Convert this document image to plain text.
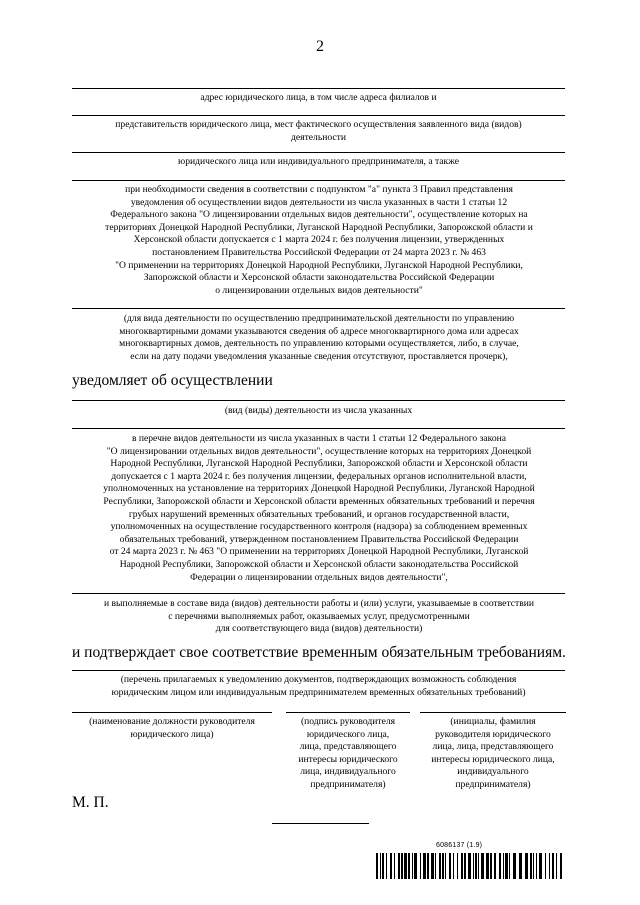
2
адрес юридического лица, в том числе адреса филиалов и
представительств юридического лица, мест фактического осуществления заявленного вида (видов)
деятельности
юридического лица или индивидуального предпринимателя, а также
при необходимости сведения в соответствии с подпунктом "а" пункта 3 Правил представления
уведомления об осуществлении видов деятельности из числа указанных в части 1 статьи 12
Федерального закона "О лицензировании отдельных видов деятельности", осуществление которых на
территориях Донецкой Народной Республики, Луганской Народной Республики, Запорожской области и
Херсонской области допускается с 1 марта 2024 г. без получения лицензии, утвержденных
постановлением Правительства Российской Федерации от 24 марта 2023 г. № 463
"О применении на территориях Донецкой Народной Республики, Луганской Народной Республики,
Запорожской области и Херсонской области законодательства Российской Федерации
о лицензировании отдельных видов деятельности"
(для вида деятельности по осуществлению предпринимательской деятельности по управлению
многоквартирными домами указываются сведения об адресе многоквартирного дома или адресах
многоквартирных домов, деятельность по управлению которыми осуществляется, либо, в случае,
если на дату подачи уведомления указанные сведения отсутствуют, проставляется прочерк),
уведомляет об осуществлении
(вид (виды) деятельности из числа указанных
в перечне видов деятельности из числа указанных в части 1 статьи 12 Федерального закона
"О лицензировании отдельных видов деятельности", осуществление которых на территориях Донецкой
Народной Республики, Луганской Народной Республики, Запорожской области и Херсонской области
допускается с 1 марта 2024 г. без получения лицензии, федеральных органов исполнительной власти,
уполномоченных на установление на территориях Донецкой Народной Республики, Луганской Народной
Республики, Запорожской области и Херсонской области временных обязательных требований и перечня
грубых нарушений временных обязательных требований, и органов государственной власти,
уполномоченных на осуществление государственного контроля (надзора) за соблюдением временных
обязательных требований, утвержденном постановлением Правительства Российской Федерации
от 24 марта 2023 г. № 463 "О применении на территориях Донецкой Народной Республики, Луганской
Народной Республики, Запорожской области и Херсонской области законодательства Российской
Федерации о лицензировании отдельных видов деятельности",
и выполняемые в составе вида (видов) деятельности работы и (или) услуги, указываемые в соответствии
с перечнями выполняемых работ, оказываемых услуг, предусмотренными
для соответствующего вида (видов) деятельности)
и подтверждает свое соответствие временным обязательным требованиям.
(перечень прилагаемых к уведомлению документов, подтверждающих возможность соблюдения
юридическим лицом или индивидуальным предпринимателем временных обязательных требований)
(наименование должности руководителя
юридического лица)
(подпись руководителя
юридического лица,
лица, представляющего
интересы юридического
лица, индивидуального
предпринимателя)
(инициалы, фамилия
руководителя юридического
лица, лица, представляющего
интересы юридического лица,
индивидуального
предпринимателя)
М. П.
6086137 (1.9)
